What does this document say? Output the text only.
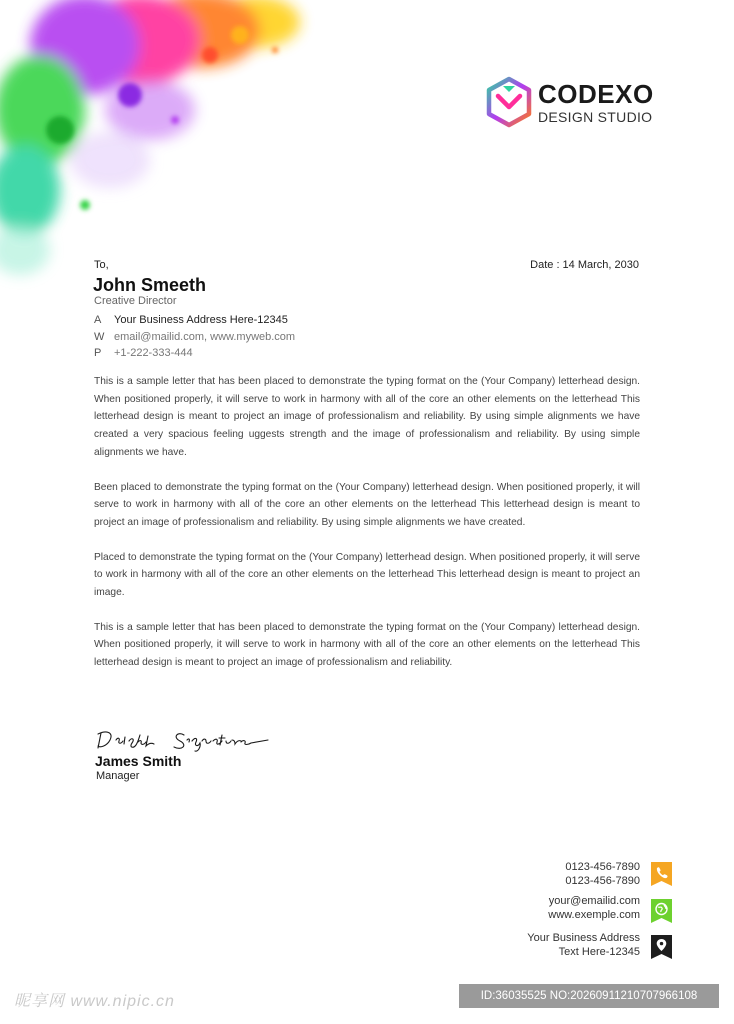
CODEXO
DESIGN STUDIO
To,	Date : 14 March, 2030
John Smeeth
Creative Director
A	Your Business Address Here-12345
W email@mailid.com, www.myweb.com
P	+1-222-333-444

This is a sample letter that has been placed to demonstrate the typing format on the (Your Company) letterhead design. When positioned properly, it will serve to work in harmony with all of the core an other elements on the letterhead This letterhead design is meant to project an image of professionalism and reliability. By using simple alignments we have created a very spacious feeling uggests strength and the image of professionalism and reliability. By using simple alignments we have.

Been placed to demonstrate the typing format on the (Your Company) letterhead design. When positioned properly, it will serve to work in harmony with all of the core an other elements on the letterhead This letterhead design is meant to project an image of professionalism and reliability. By using simple alignments we have created.

Placed to demonstrate the typing format on the (Your Company) letterhead design. When positioned properly, it will serve to work in harmony with all of the core an other elements on the letterhead This letterhead design is meant to project an image.

This is a sample letter that has been placed to demonstrate the typing format on the (Your Company) letterhead design. When positioned properly, it will serve to work in harmony with all of the core an other elements on the letterhead This letterhead design is meant to project an image of professionalism and reliability.

James Smith
Manager
0123-456-7890
0123-456-7890
your@emailid.com
www.exemple.com
Your Business Address
Text Here-12345
昵享网 www.nipic.cn	ID:36035525 NO:20260911210707966108
